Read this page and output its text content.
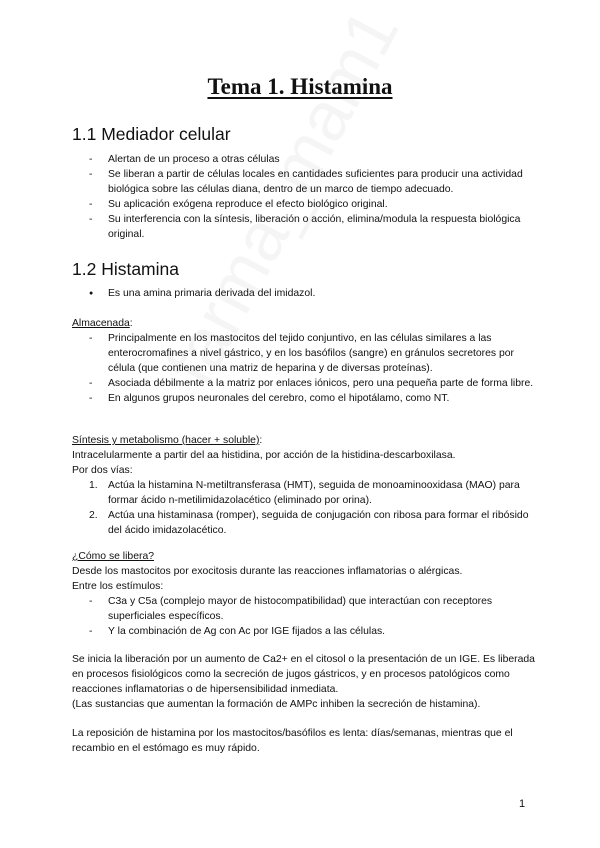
Tema 1. Histamina
1.1 Mediador celular
- Alertan de un proceso a otras células
- Se liberan a partir de células locales en cantidades suficientes para producir una actividad biológica sobre las células diana, dentro de un marco de tiempo adecuado.
- Su aplicación exógena reproduce el efecto biológico original.
- Su interferencia con la síntesis, liberación o acción, elimina/modula la respuesta biológica original.
1.2 Histamina
● Es una amina primaria derivada del imidazol.

Almacenada:

- Principalmente en los mastocitos del tejido conjuntivo, en las células similares a las enterocromafines a nivel gástrico, y en los basófilos (sangre) en gránulos secretores por célula (que contienen una matriz de heparina y de diversas proteínas).
- Asociada débilmente a la matriz por enlaces iónicos, pero una pequeña parte de forma libre.
- En algunos grupos neuronales del cerebro, como el hipotálamo, como NT.

Síntesis y metabolismo (hacer + soluble):

Intracelularmente a partir del aa histidina, por acción de la histidina-descarboxilasa.

Por dos vías:

1. Actúa la histamina N-metiltransferasa (HMT), seguida de monoaminooxidasa (MAO) para formar ácido n-metilimidazolacético (eliminado por orina).
2. Actúa una histaminasa (romper), seguida de conjugación con ribosa para formar el ribósido del ácido imidazolacético.

¿Cómo se libera?

Desde los mastocitos por exocitosis durante las reacciones inflamatorias o alérgicas.

Entre los estímulos:

- C3a y C5a (complejo mayor de histocompatibilidad) que interactúan con receptores superficiales específicos.
- Y la combinación de Ag con Ac por IGE fijados a las células.

Se inicia la liberación por un aumento de Ca2+ en el citosol o la presentación de un IGE. Es liberada en procesos fisiológicos como la secreción de jugos gástricos, y en procesos patológicos como reacciones inflamatorias o de hipersensibilidad inmediata.

(Las sustancias que aumentan la formación de AMPc inhiben la secreción de histamina).

La reposición de histamina por los mastocitos/basófilos es lenta: días/semanas, mientras que el recambio en el estómago es muy rápido.

1
